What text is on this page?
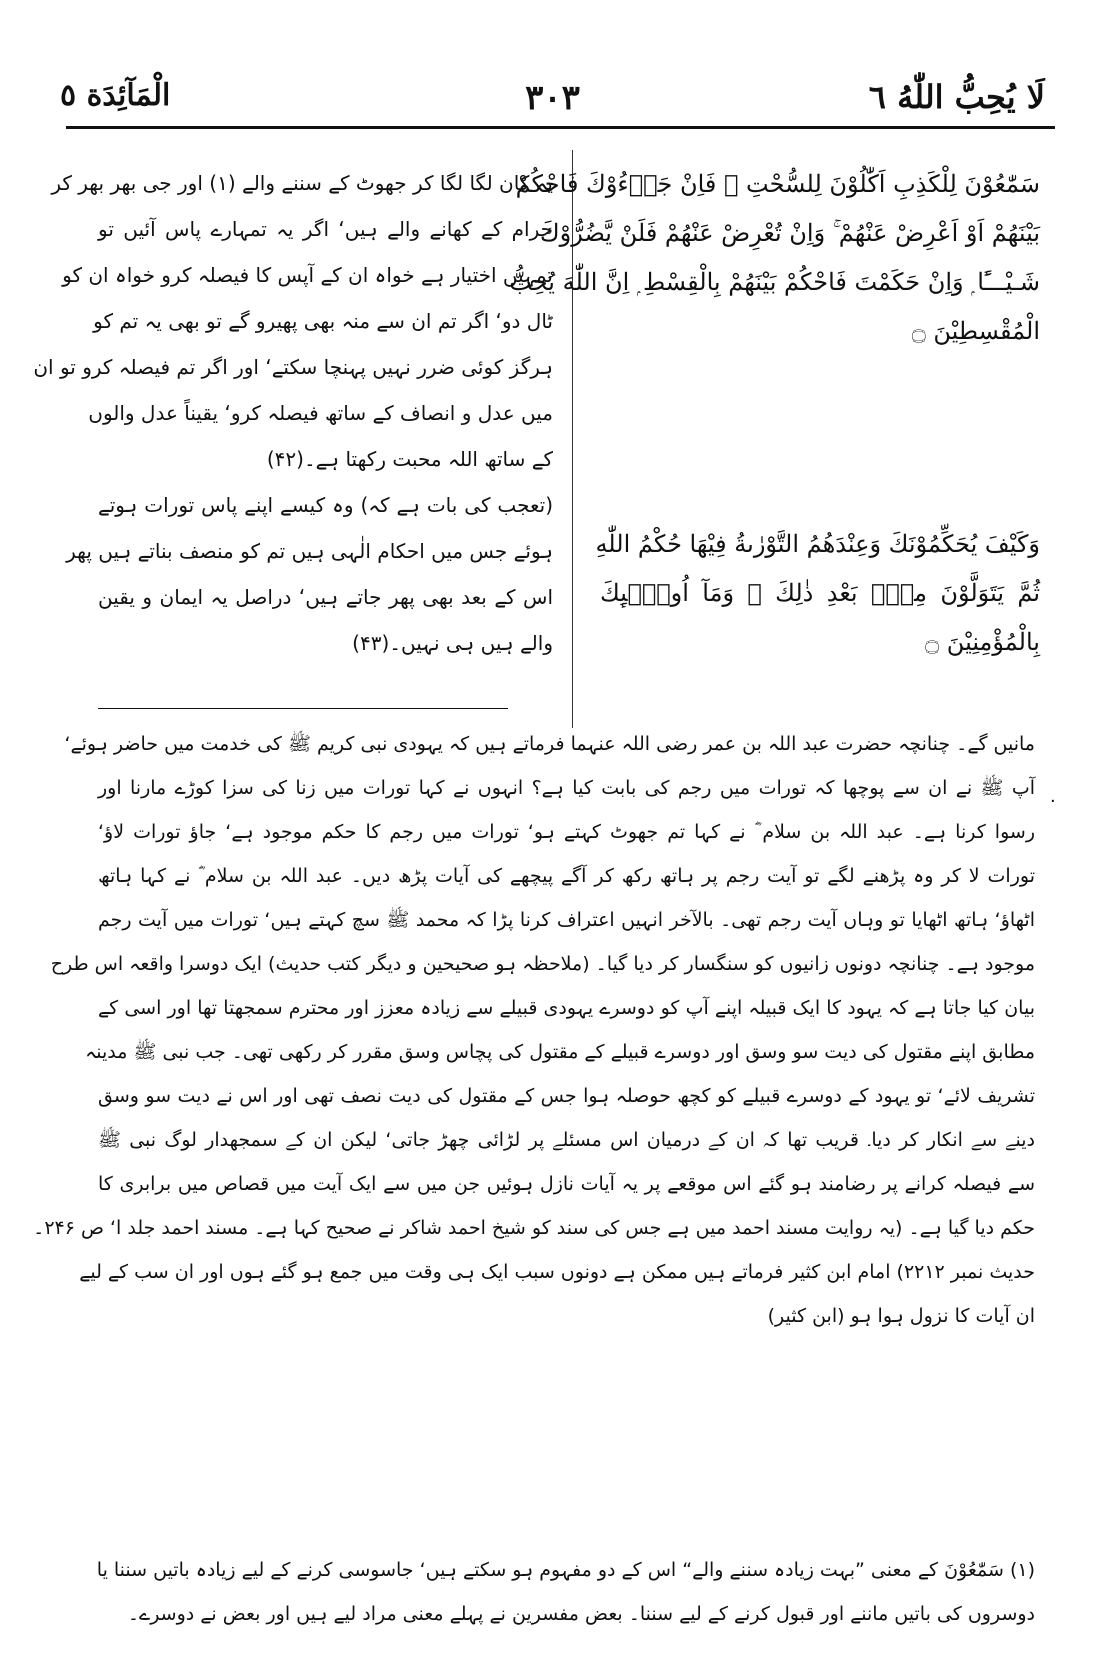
لَا يُحِبُّ اللّٰهُ ٦
٣٠٣
الْمَآئِدَة ٥
سَمّٰعُوْنَ لِلْكَذِبِ اَكّٰلُوْنَ لِلسُّحْتِ ۭ فَاِنْ جَاۗءُوْكَ فَاحْكُمْ
بَيْنَهُمْ اَوْ اَعْرِضْ عَنْهُمْ ۚ وَاِنْ تُعْرِضْ عَنْهُمْ فَلَنْ يَّضُرُّوْكَ
شَـيْـــًٔا ۭ وَاِنْ حَكَمْتَ فَاحْكُمْ بَيْنَهُمْ بِالْقِسْطِ ۭ اِنَّ اللّٰهَ يُحِبُّ
الْمُقْسِطِيْنَ ۝
وَكَيْفَ يُحَكِّمُوْنَكَ وَعِنْدَهُمُ التَّوْرٰىةُ فِيْهَا حُكْمُ اللّٰهِ
ثُمَّ يَتَوَلَّوْنَ مِنْۢ بَعْدِ ذٰلِكَ ۭ وَمَآ اُولٰۗىِٕكَ
بِالْمُؤْمِنِيْنَ ۝
یہ کان لگا لگا کر جھوٹ کے سننے والے (۱) اور جی بھر بھر کر
حرام کے کھانے والے ہیں‘ اگر یہ تمہارے پاس آئیں تو
تمہیں اختیار ہے خواہ ان کے آپس کا فیصلہ کرو خواہ ان کو
ٹال دو‘ اگر تم ان سے منہ بھی پھیرو گے تو بھی یہ تم کو
ہرگز کوئی ضرر نہیں پہنچا سکتے‘ اور اگر تم فیصلہ کرو تو ان
میں عدل و انصاف کے ساتھ فیصلہ کرو‘ یقیناً عدل والوں
کے ساتھ اللہ محبت رکھتا ہے۔(۴۲)
(تعجب کی بات ہے کہ) وہ کیسے اپنے پاس تورات ہوتے
ہوئے جس میں احکام الٰہی ہیں تم کو منصف بناتے ہیں پھر
اس کے بعد بھی پھر جاتے ہیں‘ دراصل یہ ایمان و یقین
والے ہیں ہی نہیں۔(۴۳)
مانیں گے۔ چنانچہ حضرت عبد اللہ بن عمر رضی اللہ عنہما فرماتے ہیں کہ یہودی نبی کریم ﷺ کی خدمت میں حاضر ہوئے‘
آپ ﷺ نے ان سے پوچھا کہ تورات میں رجم کی بابت کیا ہے؟ انہوں نے کہا تورات میں زنا کی سزا کوڑے مارنا اور
رسوا کرنا ہے۔ عبد اللہ بن سلام ؓ نے کہا تم جھوٹ کہتے ہو‘ تورات میں رجم کا حکم موجود ہے‘ جاؤ تورات لاؤ‘
تورات لا کر وہ پڑھنے لگے تو آیت رجم پر ہاتھ رکھ کر آگے پیچھے کی آیات پڑھ دیں۔ عبد اللہ بن سلام ؓ نے کہا ہاتھ
اٹھاؤ‘ ہاتھ اٹھایا تو وہاں آیت رجم تھی۔ بالآخر انہیں اعتراف کرنا پڑا کہ محمد ﷺ سچ کہتے ہیں‘ تورات میں آیت رجم
موجود ہے۔ چنانچہ دونوں زانیوں کو سنگسار کر دیا گیا۔ (ملاحظہ ہو صحیحین و دیگر کتب حدیث) ایک دوسرا واقعہ اس طرح
بیان کیا جاتا ہے کہ یہود کا ایک قبیلہ اپنے آپ کو دوسرے یہودی قبیلے سے زیادہ معزز اور محترم سمجھتا تھا اور اسی کے
مطابق اپنے مقتول کی دیت سو وسق اور دوسرے قبیلے کے مقتول کی پچاس وسق مقرر کر رکھی تھی۔ جب نبی ﷺ مدینہ
تشریف لائے‘ تو یہود کے دوسرے قبیلے کو کچھ حوصلہ ہوا جس کے مقتول کی دیت نصف تھی اور اس نے دیت سو وسق
دینے سے انکار کر دیا۔ قریب تھا کہ ان کے درمیان اس مسئلے پر لڑائی چھڑ جاتی‘ لیکن ان کے سمجھدار لوگ نبی ﷺ
سے فیصلہ کرانے پر رضامند ہو گئے اس موقعے پر یہ آیات نازل ہوئیں جن میں سے ایک آیت میں قصاص میں برابری کا
حکم دیا گیا ہے۔ (یہ روایت مسند احمد میں ہے جس کی سند کو شیخ احمد شاکر نے صحیح کہا ہے۔ مسند احمد جلد ا‘ ص ۲۴۶۔
حدیث نمبر ۲۲۱۲) امام ابن کثیر فرماتے ہیں ممکن ہے دونوں سبب ایک ہی وقت میں جمع ہو گئے ہوں اور ان سب کے لیے
ان آیات کا نزول ہوا ہو (ابن کثیر)
(۱) سَمّٰعُوْنَ کے معنی ”بہت زیادہ سننے والے“ اس کے دو مفہوم ہو سکتے ہیں‘ جاسوسی کرنے کے لیے زیادہ باتیں سننا یا
دوسروں کی باتیں ماننے اور قبول کرنے کے لیے سننا۔ بعض مفسرین نے پہلے معنی مراد لیے ہیں اور بعض نے دوسرے۔
٠
